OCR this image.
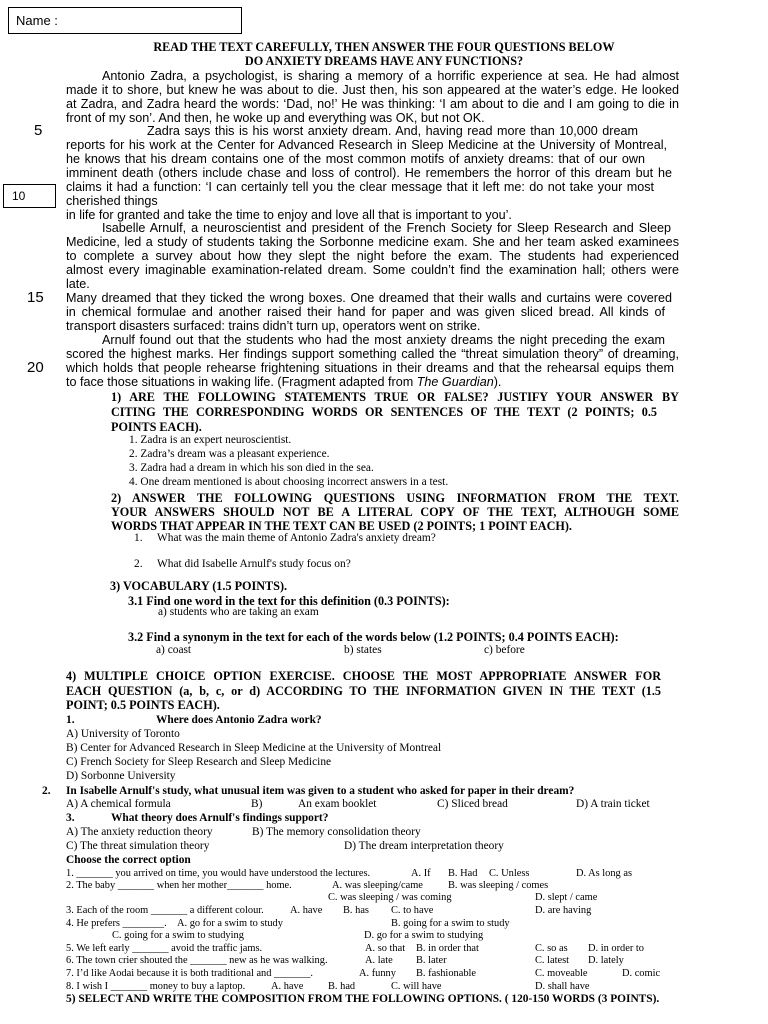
Name :
5
10
15
20
READ THE TEXT CAREFULLY, THEN ANSWER THE FOUR QUESTIONS BELOW
DO ANXIETY DREAMS HAVE ANY FUNCTIONS?
Antonio Zadra, a psychologist, is sharing a memory of a horrific experience at sea. He had almost
made it to shore, but knew he was about to die. Just then, his son appeared at the water’s edge. He looked
at Zadra, and Zadra heard the words: ‘Dad, no!’ He was thinking: ‘I am about to die and I am going to die in
front of my son’. And then, he woke up and everything was OK, but not OK.
Zadra says this is his worst anxiety dream. And, having read more than 10,000 dream
reports for his work at the Center for Advanced Research in Sleep Medicine at the University of Montreal,
he knows that his dream contains one of the most common motifs of anxiety dreams: that of our own
imminent death (others include chase and loss of control). He remembers the horror of this dream but he
claims it had a function: ‘I can certainly tell you the clear message that it left me: do not take your most
cherished things
in life for granted and take the time to enjoy and love all that is important to you’.
Isabelle Arnulf, a neuroscientist and president of the French Society for Sleep Research and Sleep
Medicine, led a study of students taking the Sorbonne medicine exam. She and her team asked examinees
to complete a survey about how they slept the night before the exam. The students had experienced
almost every imaginable examination-related dream. Some couldn’t find the examination hall; others were
late.
Many dreamed that they ticked the wrong boxes. One dreamed that their walls and curtains were covered
in chemical formulae and another raised their hand for paper and was given sliced bread. All kinds of
transport disasters surfaced: trains didn’t turn up, operators went on strike.
Arnulf found out that the students who had the most anxiety dreams the night preceding the exam
scored the highest marks. Her findings support something called the “threat simulation theory” of dreaming,
which holds that people rehearse frightening situations in their dreams and that the rehearsal equips them
to face those situations in waking life. (Fragment adapted from The Guardian).
1) ARE THE FOLLOWING STATEMENTS TRUE OR FALSE? JUSTIFY YOUR ANSWER BY
CITING THE CORRESPONDING WORDS OR SENTENCES OF THE TEXT (2 POINTS; 0.5
POINTS EACH).
1. Zadra is an expert neuroscientist.
2. Zadra’s dream was a pleasant experience.
3. Zadra had a dream in which his son died in the sea.
4. One dream mentioned is about choosing incorrect answers in a test.
2) ANSWER THE FOLLOWING QUESTIONS USING INFORMATION FROM THE TEXT.
YOUR ANSWERS SHOULD NOT BE A LITERAL COPY OF THE TEXT, ALTHOUGH SOME
WORDS THAT APPEAR IN THE TEXT CAN BE USED (2 POINTS; 1 POINT EACH).
1. What was the main theme of Antonio Zadra's anxiety dream?
2. What did Isabelle Arnulf's study focus on?
3) VOCABULARY (1.5 POINTS).
3.1 Find one word in the text for this definition (0.3 POINTS):
a) students who are taking an exam
3.2 Find a synonym in the text for each of the words below (1.2 POINTS; 0.4 POINTS EACH):
a) coast	b) states	c) before
4) MULTIPLE CHOICE OPTION EXERCISE. CHOOSE THE MOST APPROPRIATE ANSWER FOR
EACH QUESTION (a, b, c, or d) ACCORDING TO THE INFORMATION GIVEN IN THE TEXT (1.5
POINT; 0.5 POINTS EACH).
1.	Where does Antonio Zadra work?
A) University of Toronto
B) Center for Advanced Research in Sleep Medicine at the University of Montreal
C) French Society for Sleep Research and Sleep Medicine
D) Sorbonne University
2. In Isabelle Arnulf's study, what unusual item was given to a student who asked for paper in their dream?
A) A chemical formula	B)	An exam booklet	C) Sliced bread	D) A train ticket
3.	What theory does Arnulf's findings support?
A) The anxiety reduction theory	B) The memory consolidation theory
C) The threat simulation theory	D) The dream interpretation theory
Choose the correct option
1. _______ you arrived on time, you would have understood the lectures.	A. If B. Had C. Unless	D. As long as
2. The baby _______ when her mother_______ home.	A. was sleeping/came B. was sleeping / comes
C. was sleeping / was coming	D. slept / came
3. Each of the room _______ a different colour.	A. have B. has C. to have	D. are having
4. He prefers ________. A. go for a swim to study	B. going for a swim to study
C. going for a swim to studying	D. go for a swim to studying
5. We left early _______ avoid the traffic jams.	A. so that B. in order that	C. so as D. in order to
6. The town crier shouted the _______ new as he was walking.	A. late B. later	C. latest D. lately
7. I’d like Aodai because it is both traditional and _______.	A. funny B. fashionable	C. moveable	D. comic
8. I wish I _______ money to buy a laptop. A. have B. had	C. will have	D. shall have
5) SELECT AND WRITE THE COMPOSITION FROM THE FOLLOWING OPTIONS. ( 120-150 WORDS (3 POINTS).
